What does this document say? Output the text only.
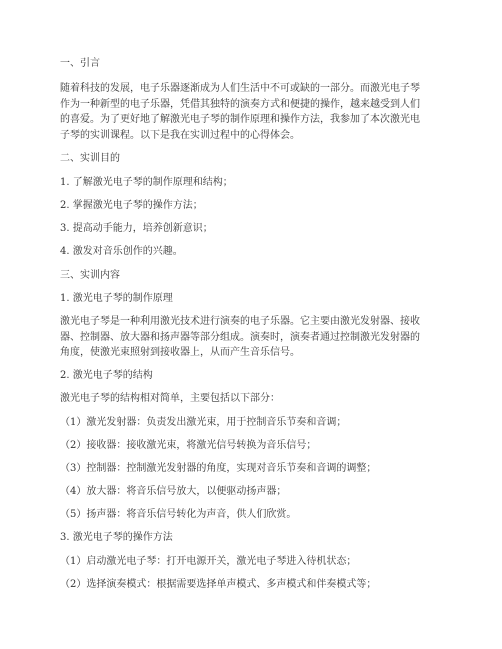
一、引言
随着科技的发展，电子乐器逐渐成为人们生活中不可或缺的一部分。而激光电子琴
作为一种新型的电子乐器，凭借其独特的演奏方式和便捷的操作，越来越受到人们
的喜爱。为了更好地了解激光电子琴的制作原理和操作方法，我参加了本次激光电
子琴的实训课程。以下是我在实训过程中的心得体会。
二、实训目的
1. 了解激光电子琴的制作原理和结构；
2. 掌握激光电子琴的操作方法；
3. 提高动手能力，培养创新意识；
4. 激发对音乐创作的兴趣。
三、实训内容
1. 激光电子琴的制作原理
激光电子琴是一种利用激光技术进行演奏的电子乐器。它主要由激光发射器、接收
器、控制器、放大器和扬声器等部分组成。演奏时，演奏者通过控制激光发射器的
角度，使激光束照射到接收器上，从而产生音乐信号。
2. 激光电子琴的结构
激光电子琴的结构相对简单，主要包括以下部分：
（1）激光发射器：负责发出激光束，用于控制音乐节奏和音调；
（2）接收器：接收激光束，将激光信号转换为音乐信号；
（3）控制器：控制激光发射器的角度，实现对音乐节奏和音调的调整；
（4）放大器：将音乐信号放大，以便驱动扬声器；
（5）扬声器：将音乐信号转化为声音，供人们欣赏。
3. 激光电子琴的操作方法
（1）启动激光电子琴：打开电源开关，激光电子琴进入待机状态；
（2）选择演奏模式：根据需要选择单声模式、多声模式和伴奏模式等；
